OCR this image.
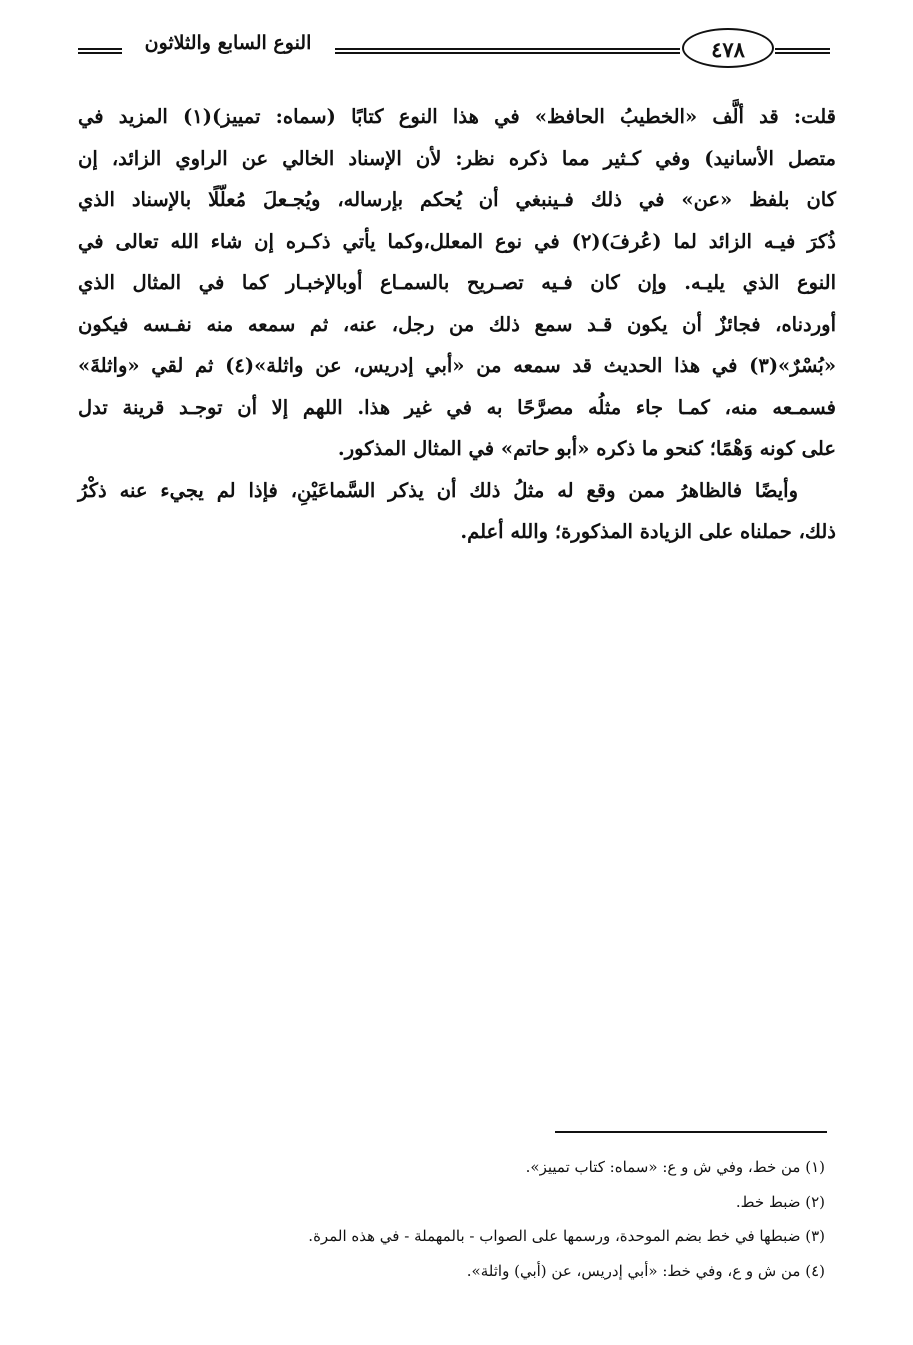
النوع السابع والثلاثون	٤٧٨
قلت: قد ألَّف «الخطيبُ الحافظ» في هذا النوع كتابًا (سماه: تمييز)(١) المزيد في
متصل الأسانيد) وفي كـثير مما ذكره نظر: لأن الإسناد الخالي عن الراوي الزائد، إن
كان بلفظ «عن» في ذلك فـينبغي أن يُحكم بإرساله، ويُجـعلَ مُعلّلًا بالإسناد الذي
ذُكرَ فيـه الزائد لما (عُرفَ)(٢) في نوع المعلل،وكما يأتي ذكـره إن شاء الله تعالى في
النوع الذي يليـه. وإن كان فـيه تصـريح بالسمـاع أوبالإخبـار كما في المثال الذي
أوردناه، فجائزٌ أن يكون قـد سمع ذلك من رجل، عنه، ثم سمعه منه نفـسه فيكون
«بُسْرٌ»(٣) في هذا الحديث قد سمعه من «أبي إدريس، عن واثلة»(٤) ثم لقي «واثلةَ»
فسمـعه منه، كمـا جاء مثلُه مصرَّحًا به في غير هذا. اللهم إلا أن توجـد قرينة تدل
على كونه وَهْمًا؛ كنحو ما ذكره «أبو حاتم» في المثال المذكور.
وأيضًا فالظاهرُ ممن وقع له مثلُ ذلك أن يذكر السَّماعَيْنِ، فإذا لم يجيء عنه ذكْرُ
ذلك، حملناه على الزيادة المذكورة؛ والله أعلم.
(١) من خط، وفي ش و ع: «سماه: كتاب تمييز».
(٢) ضبط خط.
(٣) ضبطها في خط بضم الموحدة، ورسمها على الصواب - بالمهملة - في هذه المرة.
(٤) من ش و ع، وفي خط: «أبي إدريس، عن (أبي) واثلة».
